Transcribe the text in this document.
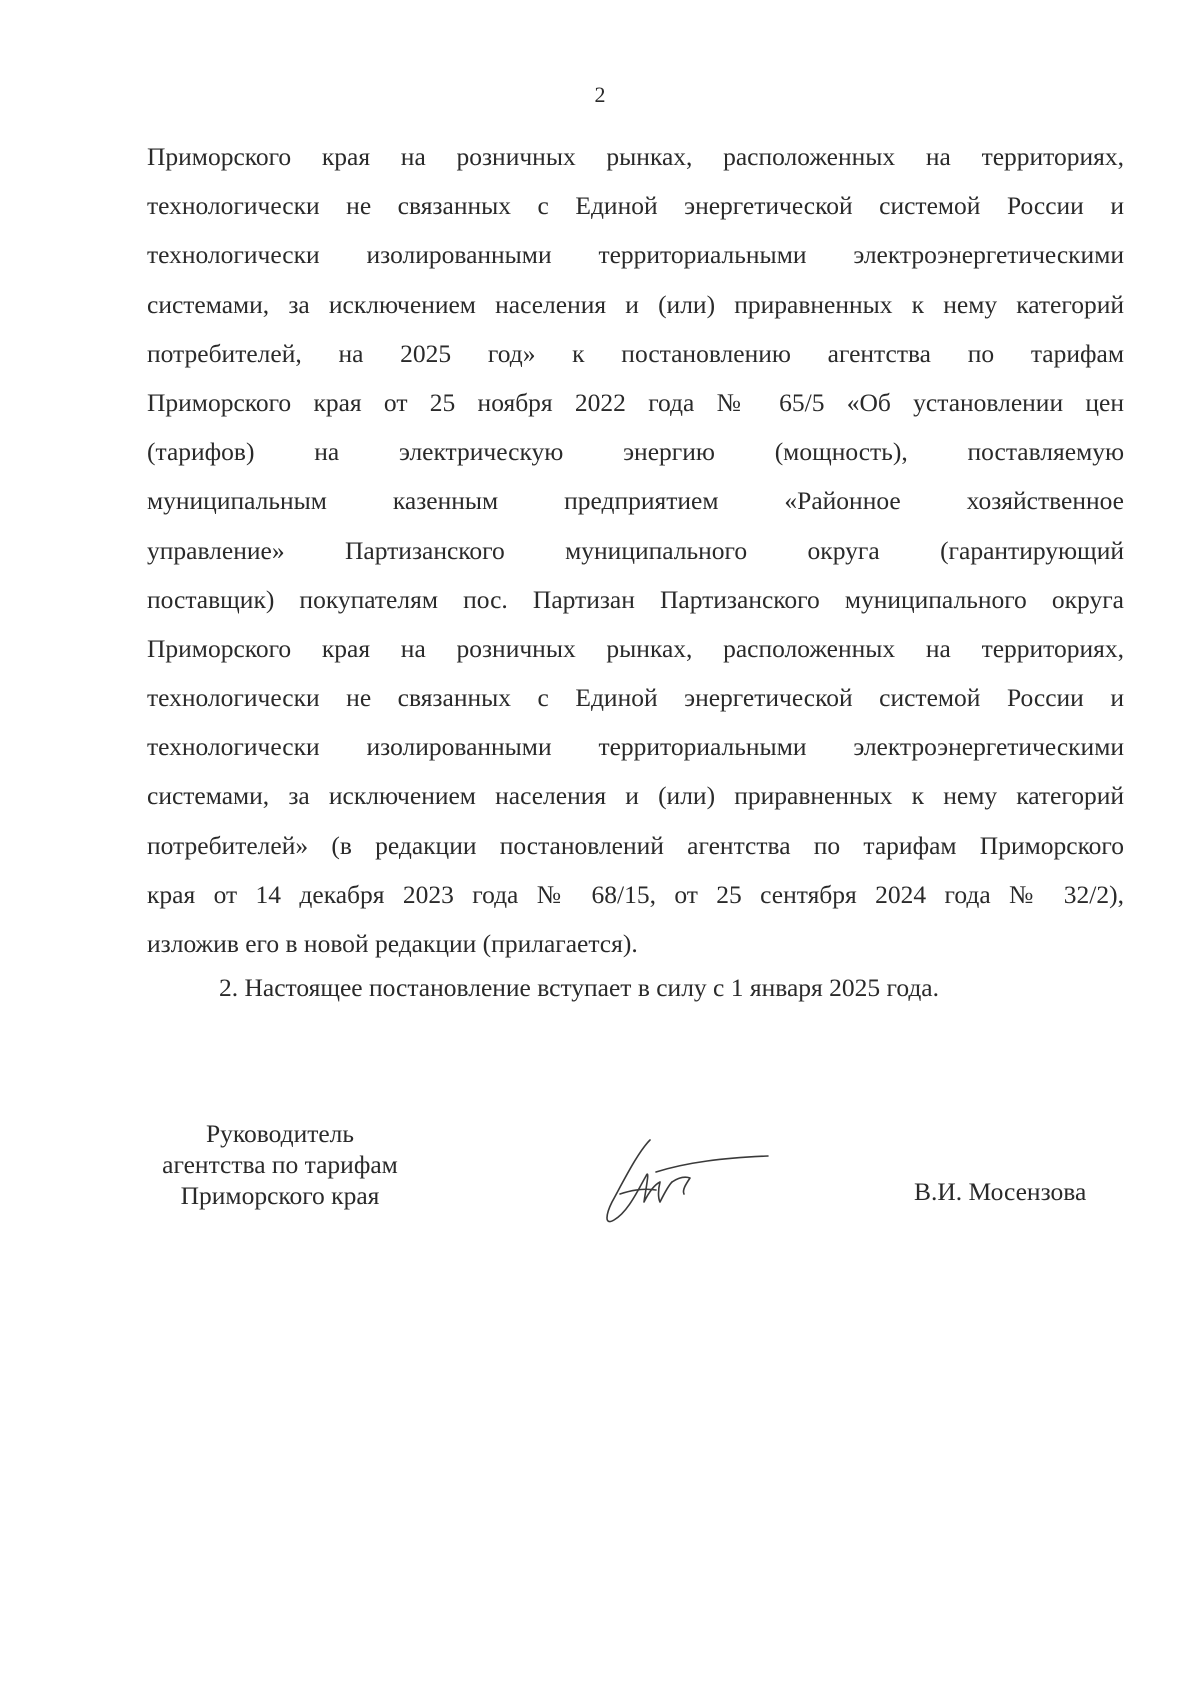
2
Приморского края на розничных рынках, расположенных на территориях,
технологически не связанных с Единой энергетической системой России и
технологически изолированными территориальными электроэнергетическими
системами, за исключением населения и (или) приравненных к нему категорий
потребителей, на 2025 год» к постановлению агентства по тарифам
Приморского края от 25 ноября 2022 года № 65/5 «Об установлении цен
(тарифов) на электрическую энергию (мощность), поставляемую
муниципальным казенным предприятием «Районное хозяйственное
управление» Партизанского муниципального округа (гарантирующий
поставщик) покупателям пос. Партизан Партизанского муниципального округа
Приморского края на розничных рынках, расположенных на территориях,
технологически не связанных с Единой энергетической системой России и
технологически изолированными территориальными электроэнергетическими
системами, за исключением населения и (или) приравненных к нему категорий
потребителей» (в редакции постановлений агентства по тарифам Приморского
края от 14 декабря 2023 года № 68/15, от 25 сентября 2024 года № 32/2),
изложив его в новой редакции (прилагается).
2. Настоящее постановление вступает в силу с 1 января 2025 года.
Руководитель
агентства по тарифам
Приморского края	В.И. Мосензова
